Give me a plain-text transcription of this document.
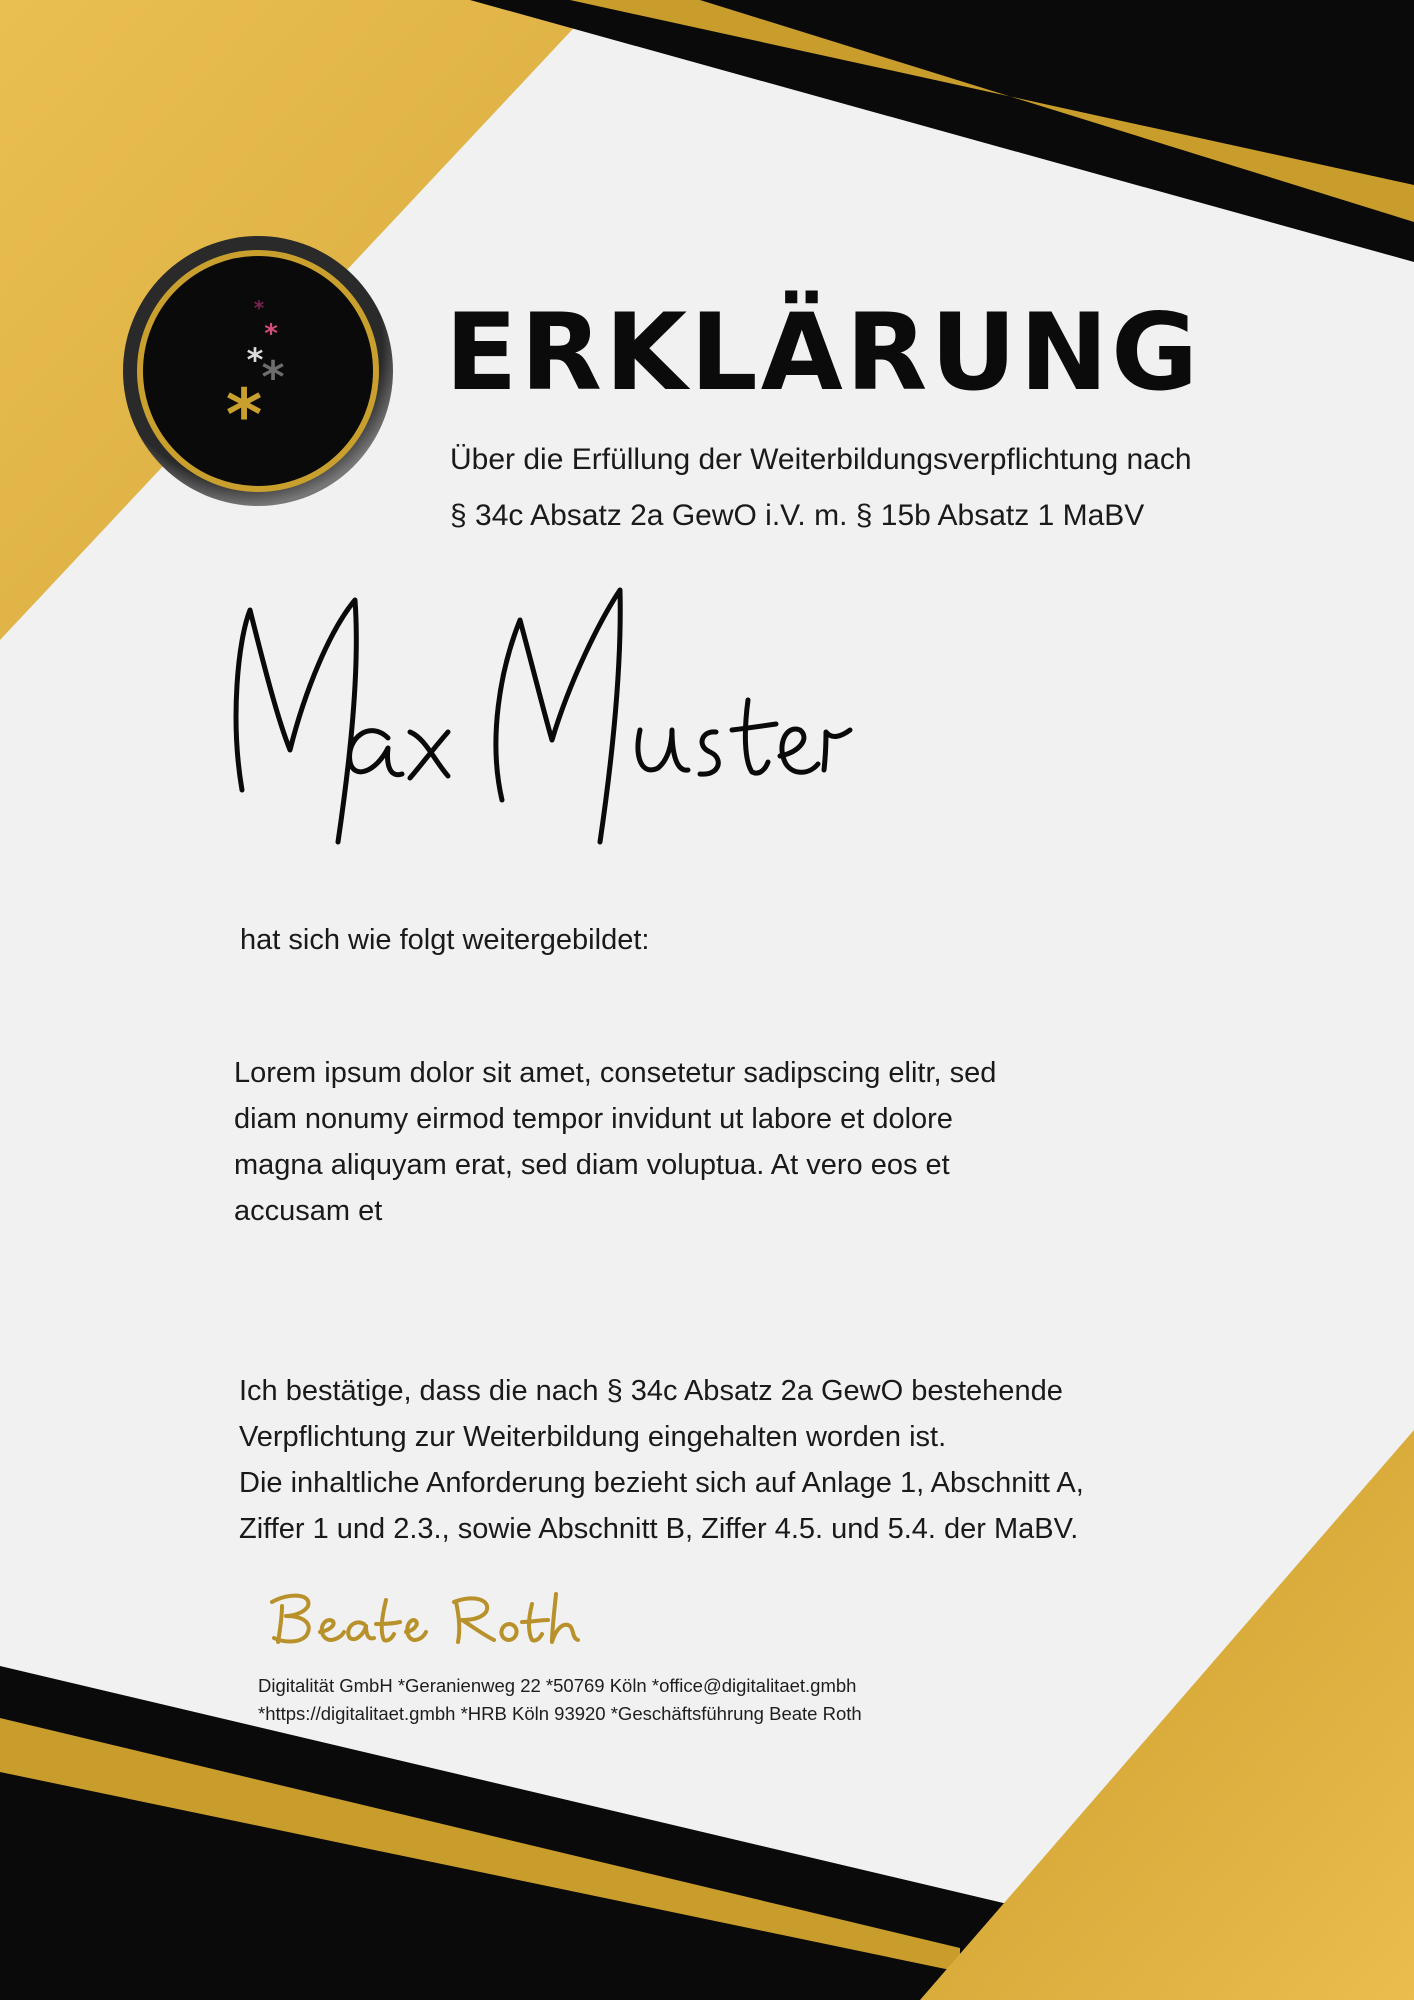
*
*
*
*
*
ERKLÄRUNG
Über die Erfüllung der Weiterbildungsverpflichtung nach
§ 34c Absatz 2a GewO i.V. m. § 15b Absatz 1 MaBV
hat sich wie folgt weitergebildet:
Lorem ipsum dolor sit amet, consetetur sadipscing elitr, sed
diam nonumy eirmod tempor invidunt ut labore et dolore
magna aliquyam erat, sed diam voluptua. At vero eos et
accusam et

Ich bestätige, dass die nach § 34c Absatz 2a GewO bestehende

Verpflichtung zur Weiterbildung eingehalten worden ist.

Die inhaltliche Anforderung bezieht sich auf Anlage 1, Abschnitt A,

Ziffer 1 und 2.3., sowie Abschnitt B, Ziffer 4.5. und 5.4. der MaBV.

Digitalität GmbH *Geranienweg 22 *50769 Köln *office@digitalitaet.gmbh
*https://digitalitaet.gmbh *HRB Köln 93920 *Geschäftsführung Beate Roth
